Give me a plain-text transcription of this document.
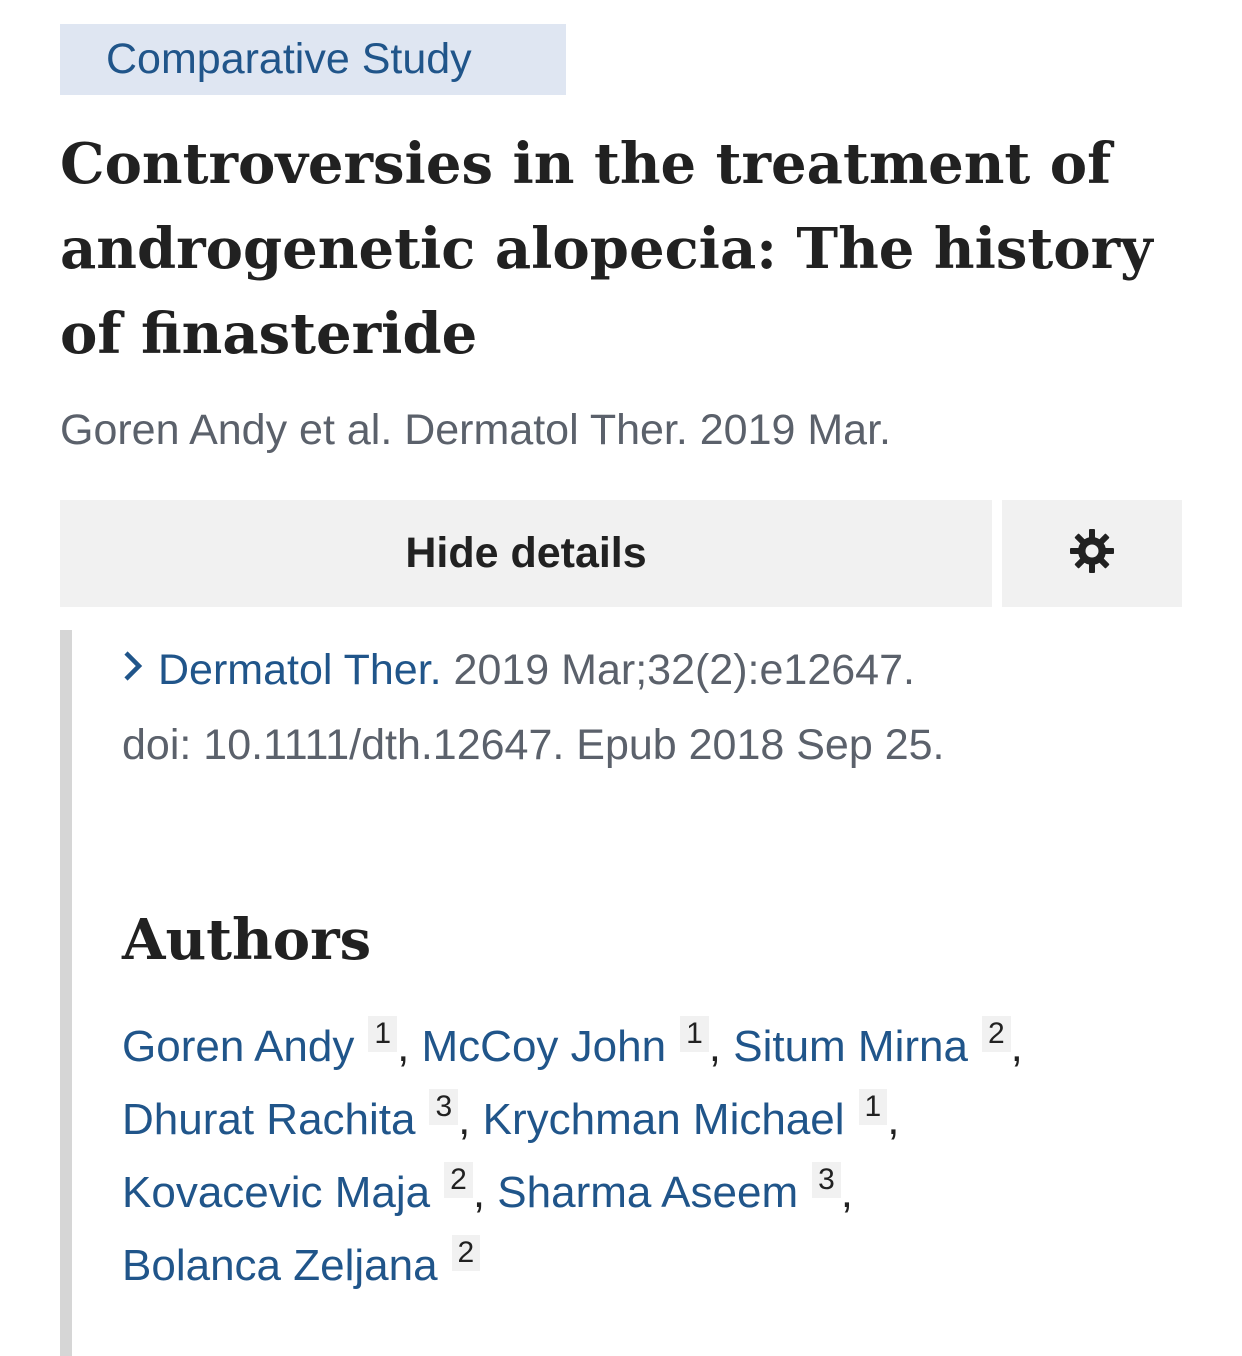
Comparative Study
Controversies in the treatment of androgenetic alopecia: The history of finasteride
Goren Andy et al. Dermatol Ther. 2019 Mar.
Hide details
Dermatol Ther. 2019 Mar;32(2):e12647.
doi: 10.1111/dth.12647. Epub 2018 Sep 25.
Authors
Goren Andy 1 , McCoy John 1 , Situm Mirna 2 , Dhurat Rachita 3 , Krychman Michael 1 , Kovacevic Maja 2 , Sharma Aseem 3 , Bolanca Zeljana 2
